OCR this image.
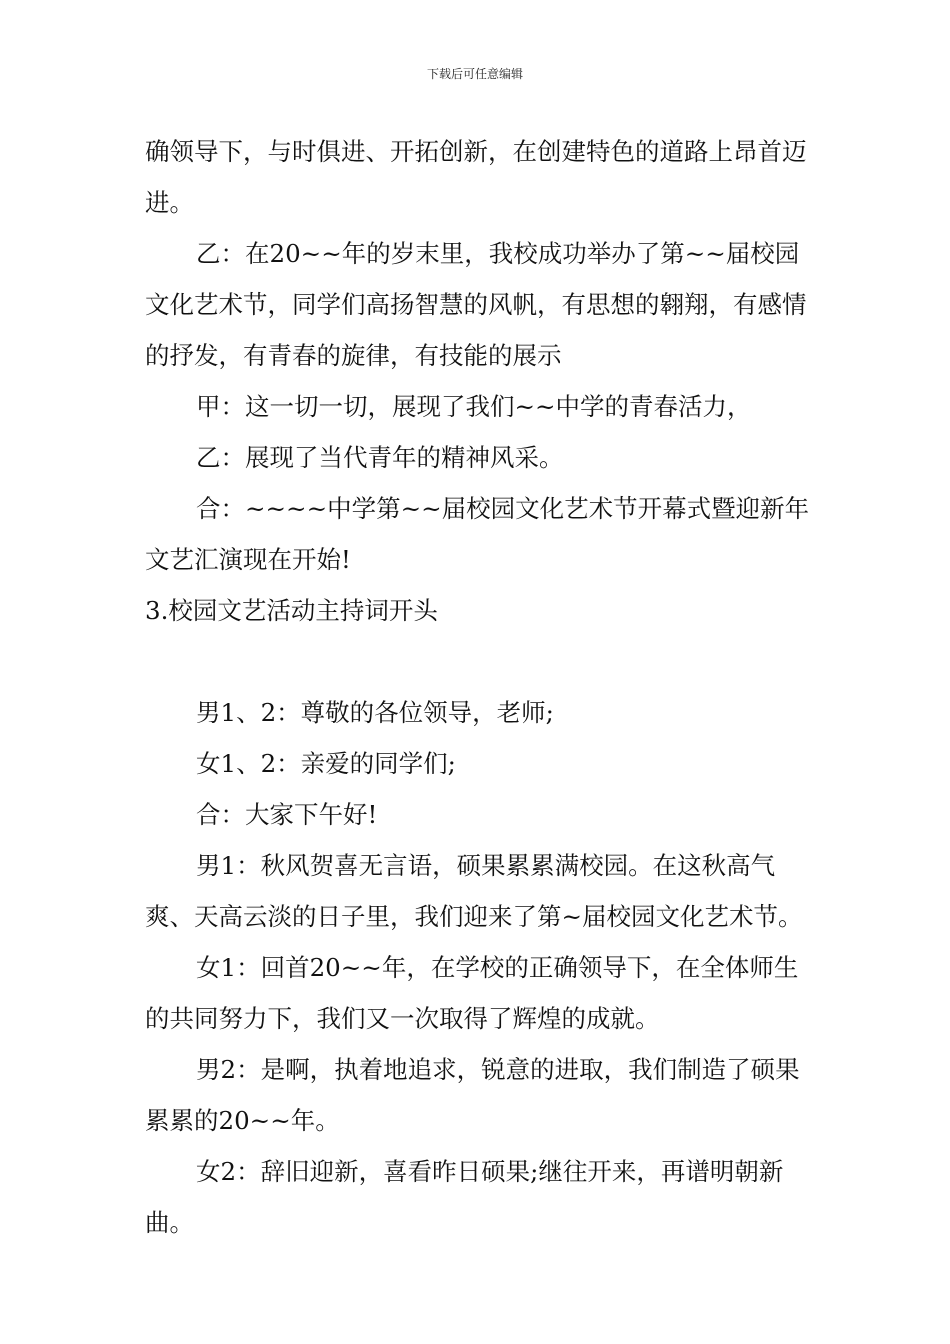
下载后可任意编辑

确领导下，与时俱进、开拓创新，在创建特色的道路上昂首迈进。

乙：在20~~年的岁末里，我校成功举办了第~~届校园文化艺术节，同学们高扬智慧的风帆，有思想的翱翔，有感情的抒发，有青春的旋律，有技能的展示

甲：这一切一切，展现了我们~~中学的青春活力，

乙：展现了当代青年的精神风采。

合：~~~~中学第~~届校园文化艺术节开幕式暨迎新年文艺汇演现在开始!

3.校园文艺活动主持词开头

男1、2：尊敬的各位领导，老师;

女1、2：亲爱的同学们;

合：大家下午好!

男1：秋风贺喜无言语，硕果累累满校园。在这秋高气爽、天高云淡的日子里，我们迎来了第~届校园文化艺术节。

女1：回首20~~年，在学校的正确领导下，在全体师生的共同努力下，我们又一次取得了辉煌的成就。

男2：是啊，执着地追求，锐意的进取，我们制造了硕果累累的20~~年。

女2：辞旧迎新，喜看昨日硕果;继往开来，再谱明朝新曲。
